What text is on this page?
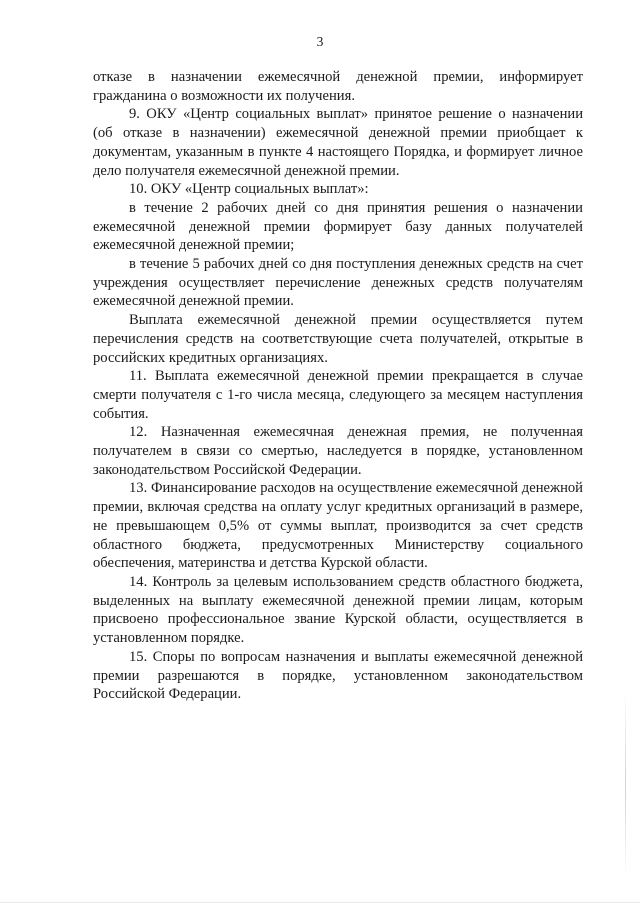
3

отказе в назначении ежемесячной денежной премии, информирует гражданина о возможности их получения.

9. ОКУ «Центр социальных выплат» принятое решение о назначении (об отказе в назначении) ежемесячной денежной премии приобщает к документам, указанным в пункте 4 настоящего Порядка, и формирует личное дело получателя ежемесячной денежной премии.

10. ОКУ «Центр социальных выплат»:

в течение 2 рабочих дней со дня принятия решения о назначении ежемесячной денежной премии формирует базу данных получателей ежемесячной денежной премии;

в течение 5 рабочих дней со дня поступления денежных средств на счет учреждения осуществляет перечисление денежных средств получателям ежемесячной денежной премии.

Выплата ежемесячной денежной премии осуществляется путем перечисления средств на соответствующие счета получателей, открытые в российских кредитных организациях.

11. Выплата ежемесячной денежной премии прекращается в случае смерти получателя с 1-го числа месяца, следующего за месяцем наступления события.

12. Назначенная ежемесячная денежная премия, не полученная получателем в связи со смертью, наследуется в порядке, установленном законодательством Российской Федерации.

13. Финансирование расходов на осуществление ежемесячной денежной премии, включая средства на оплату услуг кредитных организаций в размере, не превышающем 0,5% от суммы выплат, производится за счет средств областного бюджета, предусмотренных Министерству социального обеспечения, материнства и детства Курской области.

14. Контроль за целевым использованием средств областного бюджета, выделенных на выплату ежемесячной денежной премии лицам, которым присвоено профессиональное звание Курской области, осуществляется в установленном порядке.

15. Споры по вопросам назначения и выплаты ежемесячной денежной премии разрешаются в порядке, установленном законодательством Российской Федерации.
